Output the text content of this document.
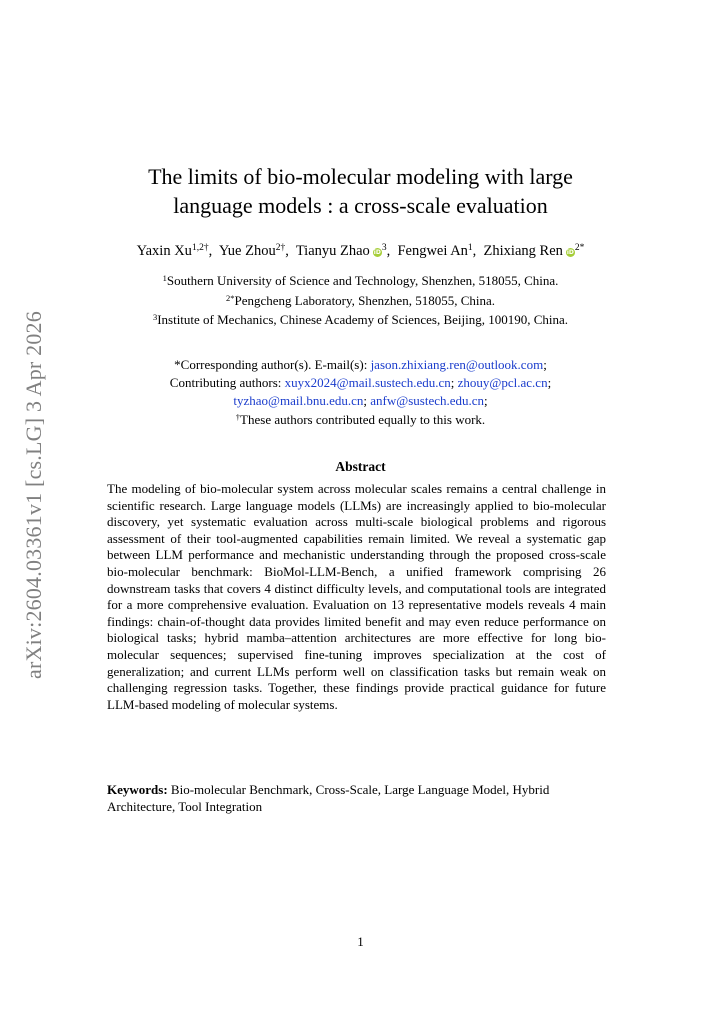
arXiv:2604.03361v1 [cs.LG] 3 Apr 2026
The limits of bio-molecular modeling with large
language models : a cross-scale evaluation
Yaxin $Xu^{1,2\dagger}$,  Yue Zhou$^{2\dagger}$,  Tianyu Zhao $iD^3$,  Fengwei An$^1$,  Zhixiang Ren $iD^{2*}$
$^1$Southern University of Science and Technology, Shenzhen, 518055, China.
$^{2*}$Pengcheng Laboratory, Shenzhen, 518055, China.
$^3$Institute of Mechanics, Chinese Academy of Sciences, Beijing, 100190, China.
*Corresponding author(s). E-mail(s): jason.zhixiang.ren@outlook.com;
Contributing authors: xuyx2024@mail.sustech.edu.cn; zhouy@pcl.ac.cn;
tyzhao@mail.bnu.edu.cn; anfw@sustech.edu.cn;
†These authors contributed equally to this work.
Abstract
The modeling of bio-molecular system across molecular scales remains a central challenge in scientific research. Large language models (LLMs) are increasingly applied to bio-molecular discovery, yet systematic evaluation across multi-scale biological problems and rigorous assessment of their tool-augmented capabilities remain limited. We reveal a systematic gap between LLM performance and mechanistic understanding through the proposed cross-scale bio-molecular benchmark: BioMol-LLM-Bench, a unified framework comprising 26 downstream tasks that covers 4 distinct difficulty levels, and computational tools are integrated for a more comprehensive evaluation. Evaluation on 13 representative models reveals 4 main findings: chain-of-thought data provides limited benefit and may even reduce performance on biological tasks; hybrid mamba–attention architectures are more effective for long bio-molecular sequences; supervised fine-tuning improves specialization at the cost of generalization; and current LLMs perform well on classification tasks but remain weak on challenging regression tasks. Together, these findings provide practical guidance for future LLM-based modeling of molecular systems.
Keywords: Bio-molecular Benchmark, Cross-Scale, Large Language Model, Hybrid Architecture, Tool Integration
1
